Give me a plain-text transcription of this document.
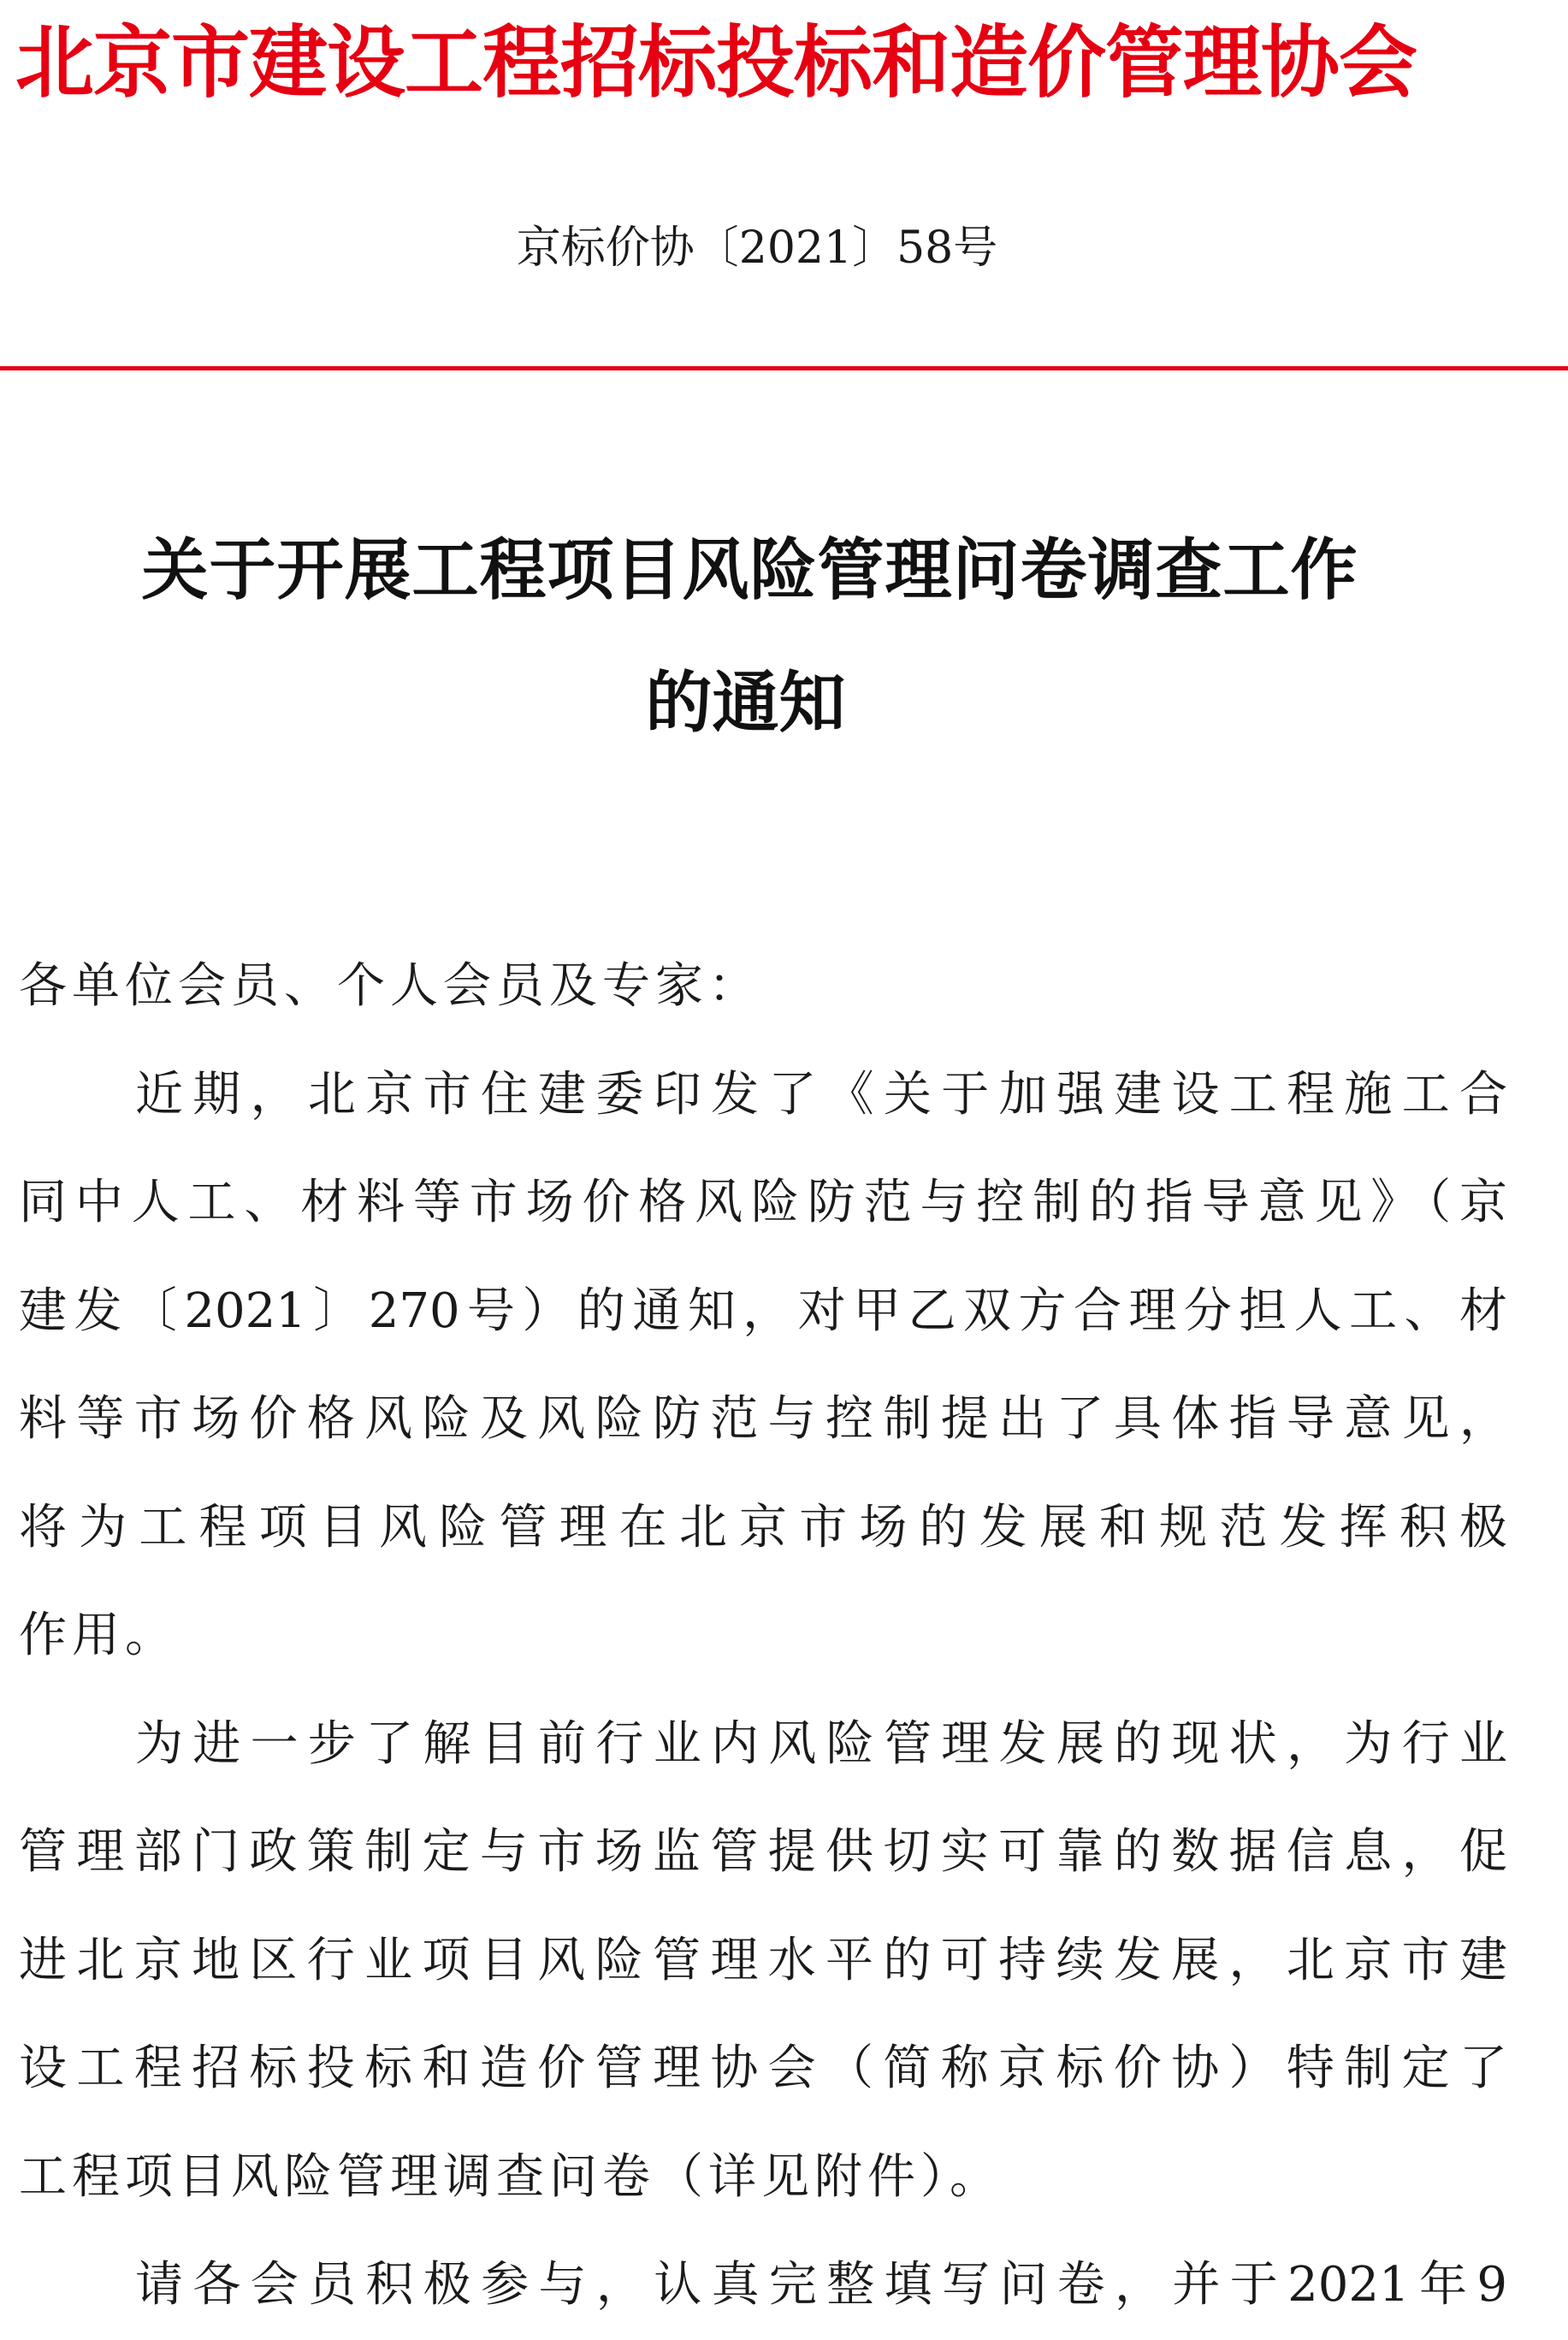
北京市建设工程招标投标和造价管理协会
京标价协〔2021〕58号
关于开展工程项目风险管理问卷调查工作
的通知
各单位会员、个人会员及专家：
近期，北京市住建委印发了《关于加强建设工程施工合
同中人工、材料等市场价格风险防范与控制的指导意见》（京
建发〔2021〕270号）的通知，对甲乙双方合理分担人工、材
料等市场价格风险及风险防范与控制提出了具体指导意见，
将为工程项目风险管理在北京市场的发展和规范发挥积极
作用。
为进一步了解目前行业内风险管理发展的现状，为行业
管理部门政策制定与市场监管提供切实可靠的数据信息，促
进北京地区行业项目风险管理水平的可持续发展，北京市建
设工程招标投标和造价管理协会（简称京标价协）特制定了
工程项目风险管理调查问卷（详见附件）。
请各会员积极参与，认真完整填写问卷，并于2021年9
